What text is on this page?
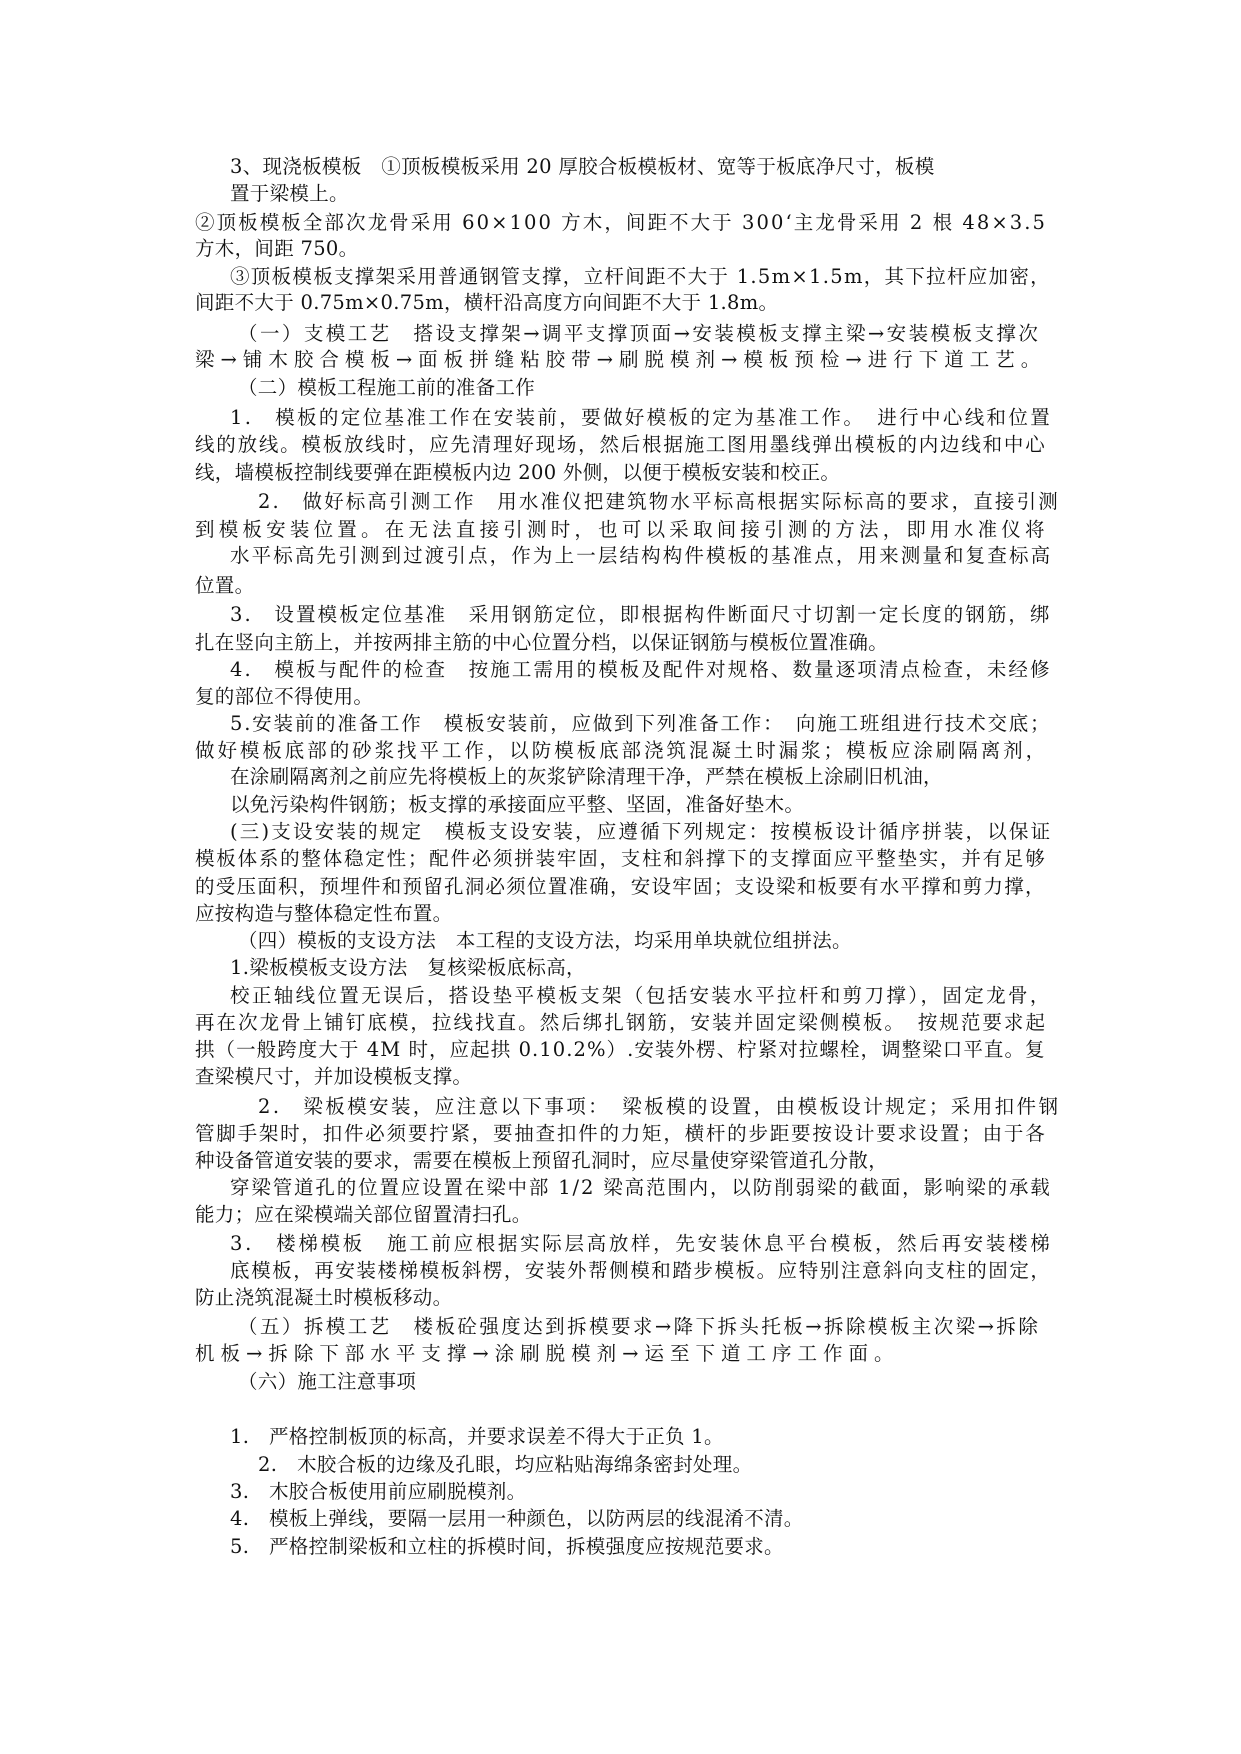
3、现浇板模板　①顶板模板采用 20 厚胶合板模板材、宽等于板底净尺寸，板模

置于梁模上。

②顶板模板全部次龙骨采用 60×100 方木，间距不大于 300‘主龙骨采用 2 根 48×3.5

方木，间距 750。

③顶板模板支撑架采用普通钢管支撑，立杆间距不大于 1.5m×1.5m，其下拉杆应加密，

间距不大于 0.75m×0.75m，横杆沿高度方向间距不大于 1.8m。

（一）支模工艺　搭设支撑架→调平支撑顶面→安装模板支撑主梁→安装模板支撑次

梁→铺木胶合模板→面板拼缝粘胶带→刷脱模剂→模板预检→进行下道工艺。

（二）模板工程施工前的准备工作

1.　模板的定位基准工作在安装前，要做好模板的定为基准工作。　进行中心线和位置

线的放线。模板放线时，应先清理好现场，然后根据施工图用墨线弹出模板的内边线和中心

线，墙模板控制线要弹在距模板内边 200 外侧，以便于模板安装和校正。

2.　做好标高引测工作　用水准仪把建筑物水平标高根据实际标高的要求，直接引测

到模板安装位置。在无法直接引测时，也可以采取间接引测的方法，即用水准仪将

水平标高先引测到过渡引点，作为上一层结构构件模板的基准点，用来测量和复查标高

位置。

3.　设置模板定位基准　采用钢筋定位，即根据构件断面尺寸切割一定长度的钢筋，绑

扎在竖向主筋上，并按两排主筋的中心位置分档，以保证钢筋与模板位置准确。

4.　模板与配件的检查　按施工需用的模板及配件对规格、数量逐项清点检查，未经修

复的部位不得使用。

5.安装前的准备工作　模板安装前，应做到下列准备工作：　向施工班组进行技术交底；

做好模板底部的砂浆找平工作，以防模板底部浇筑混凝土时漏浆；模板应涂刷隔离剂，

在涂刷隔离剂之前应先将模板上的灰浆铲除清理干净，严禁在模板上涂刷旧机油，

以免污染构件钢筋；板支撑的承接面应平整、坚固，准备好垫木。

(三)支设安装的规定　模板支设安装，应遵循下列规定：按模板设计循序拼装，以保证

模板体系的整体稳定性；配件必须拼装牢固，支柱和斜撑下的支撑面应平整垫实，并有足够

的受压面积，预埋件和预留孔洞必须位置准确，安设牢固；支设梁和板要有水平撑和剪力撑，

应按构造与整体稳定性布置。

（四）模板的支设方法　本工程的支设方法，均采用单块就位组拼法。

1.梁板模板支设方法　复核梁板底标高，

校正轴线位置无误后，搭设垫平模板支架（包括安装水平拉杆和剪刀撑），固定龙骨，

再在次龙骨上铺钉底模，拉线找直。然后绑扎钢筋，安装并固定梁侧模板。　按规范要求起

拱（一般跨度大于 4M 时，应起拱 0.10.2%）.安装外楞、柠紧对拉螺栓，调整梁口平直。复

查梁模尺寸，并加设模板支撑。

2.　梁板模安装，应注意以下事项：　梁板模的设置，由模板设计规定；采用扣件钢

管脚手架时，扣件必须要拧紧，要抽查扣件的力矩，横杆的步距要按设计要求设置；由于各

种设备管道安装的要求，需要在模板上预留孔洞时，应尽量使穿梁管道孔分散，

穿梁管道孔的位置应设置在梁中部 1/2 梁高范围内，以防削弱梁的截面，影响梁的承载

能力；应在梁模端关部位留置清扫孔。

3.　楼梯模板　施工前应根据实际层高放样，先安装休息平台模板，然后再安装楼梯

底模板，再安装楼梯模板斜楞，安装外帮侧模和踏步模板。应特别注意斜向支柱的固定，

防止浇筑混凝土时模板移动。

（五）拆模工艺　楼板砼强度达到拆模要求→降下拆头托板→拆除模板主次梁→拆除

机板→拆除下部水平支撑→涂刷脱模剂→运至下道工序工作面。

（六）施工注意事项

1.　严格控制板顶的标高，并要求误差不得大于正负 1。

2.　木胶合板的边缘及孔眼，均应粘贴海绵条密封处理。

3.　木胶合板使用前应刷脱模剂。

4.　模板上弹线，要隔一层用一种颜色，以防两层的线混淆不清。

5.　严格控制梁板和立柱的拆模时间，拆模强度应按规范要求。
